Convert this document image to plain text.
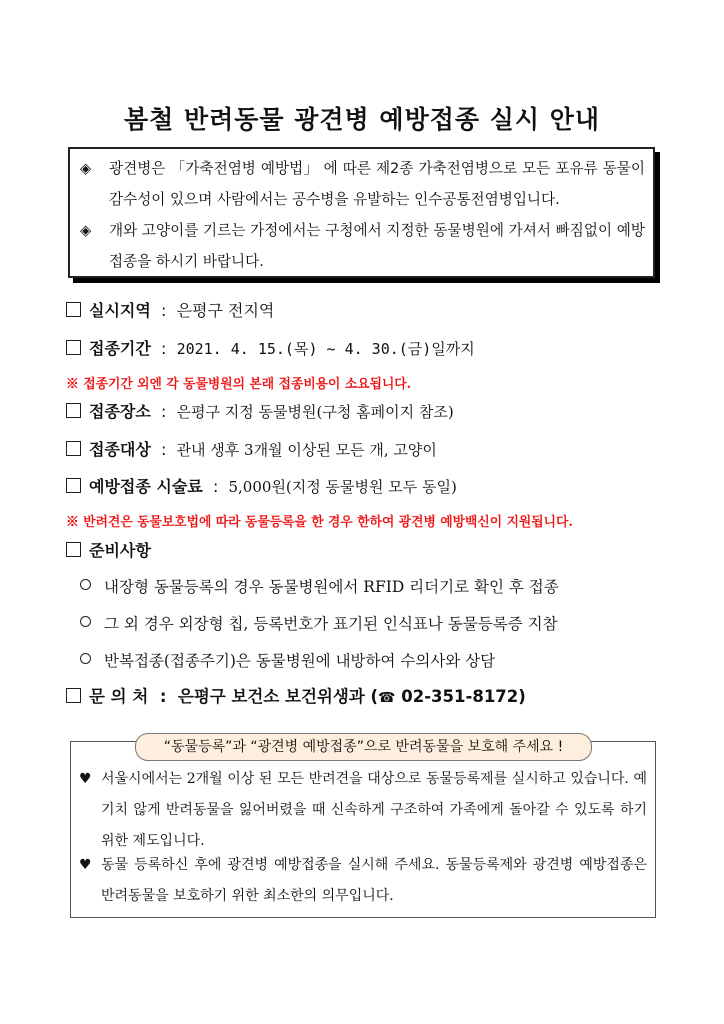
봄철 반려동물 광견병 예방접종 실시 안내
◈	광견병은 「가축전염병 예방법」 에 따른 제2종 가축전염병으로 모든 포유류 동물이 감수성이 있으며 사람에서는 공수병을 유발하는 인수공통전염병입니다.
◈	개와 고양이를 기르는 가정에서는 구청에서 지정한 동물병원에 가셔서 빠짐없이 예방접종을 하시기 바랍니다.
실시지역 : 은평구 전지역
접종기간 : 2021. 4. 15.(목) ~ 4. 30.(금)일까지
※ 접종기간 외엔 각 동물병원의 본래 접종비용이 소요됩니다.
접종장소 : 은평구 지정 동물병원(구청 홈페이지 참조)
접종대상 : 관내 생후 3개월 이상된 모든 개, 고양이
예방접종 시술료 : 5,000원(지정 동물병원 모두 동일)
※ 반려견은 동물보호법에 따라 동물등록을 한 경우 한하여 광견병 예방백신이 지원됩니다.
준비사항
내장형 동물등록의 경우 동물병원에서 RFID 리더기로 확인 후 접종
그 외 경우 외장형 칩, 등록번호가 표기된 인식표나 동물등록증 지참
반복접종(접종주기)은 동물병원에 내방하여 수의사와 상담
문 의 처 : 은평구 보건소 보건위생과 (☎ 02-351-8172)
“동물등록”과 “광견병 예방접종”으로 반려동물을 보호해 주세요 !
♥ 서울시에서는 2개월 이상 된 모든 반려견을 대상으로 동물등록제를 실시하고 있습니다. 예기치 않게 반려동물을 잃어버렸을 때 신속하게 구조하여 가족에게 돌아갈 수 있도록 하기 위한 제도입니다.
♥ 동물 등록하신 후에 광견병 예방접종을 실시해 주세요. 동물등록제와 광견병 예방접종은 반려동물을 보호하기 위한 최소한의 의무입니다.
